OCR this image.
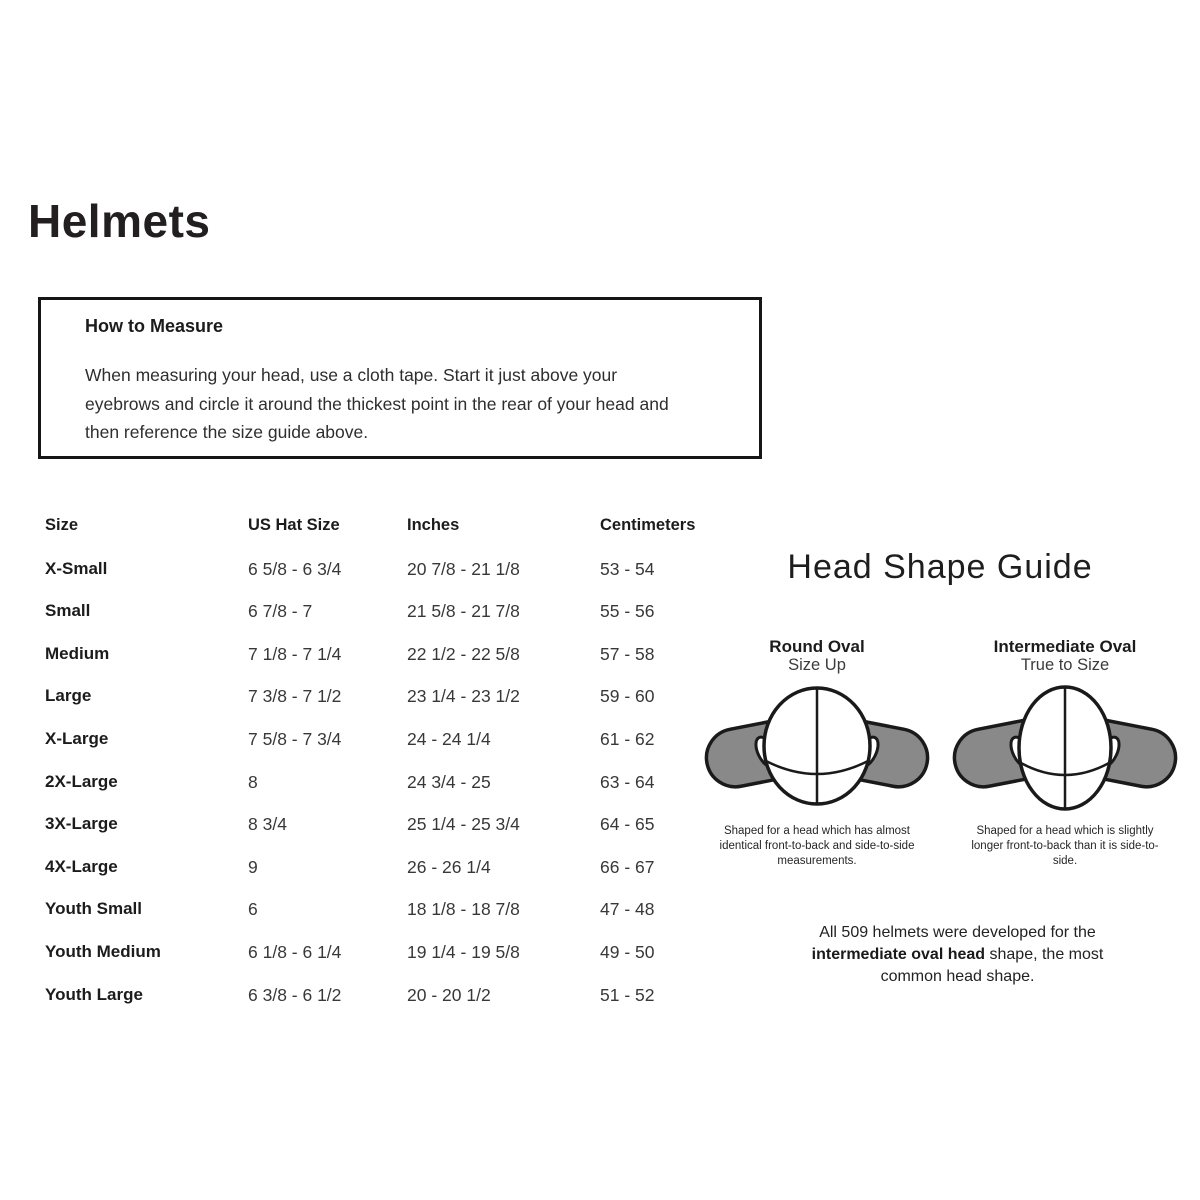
Helmets
How to Measure

When measuring your head, use a cloth tape. Start it just above your eyebrows and circle it around the thickest point in the rear of your head and then reference the size guide above.

Size	US Hat Size	Inches	Centimeters
X-Small	6 5/8 - 6 3/4	20 7/8 - 21 1/8	53 - 54
Small	6 7/8 - 7	21 5/8 - 21 7/8	55 - 56
Medium	7 1/8 - 7 1/4	22 1/2 - 22 5/8	57 - 58
Large	7 3/8 - 7 1/2	23 1/4 - 23 1/2	59 - 60
X-Large	7 5/8 - 7 3/4	24 - 24 1/4	61 - 62
2X-Large	8	24 3/4 - 25	63 - 64
3X-Large	8 3/4	25 1/4 - 25 3/4	64 - 65
4X-Large	9	26 - 26 1/4	66 - 67
Youth Small	6	18 1/8 - 18 7/8	47 - 48
Youth Medium	6 1/8 - 6 1/4	19 1/4 - 19 5/8	49 - 50
Youth Large	6 3/8 - 6 1/2	20 - 20 1/2	51 - 52
Head Shape Guide
Round Oval
Size Up

Shaped for a head which has almost identical front-to-back and side-to-side measurements.

Intermediate Oval
True to Size

Shaped for a head which is slightly longer front-to-back than it is side-to-side.

All 509 helmets were developed for the
intermediate oval head shape, the most
common head shape.
